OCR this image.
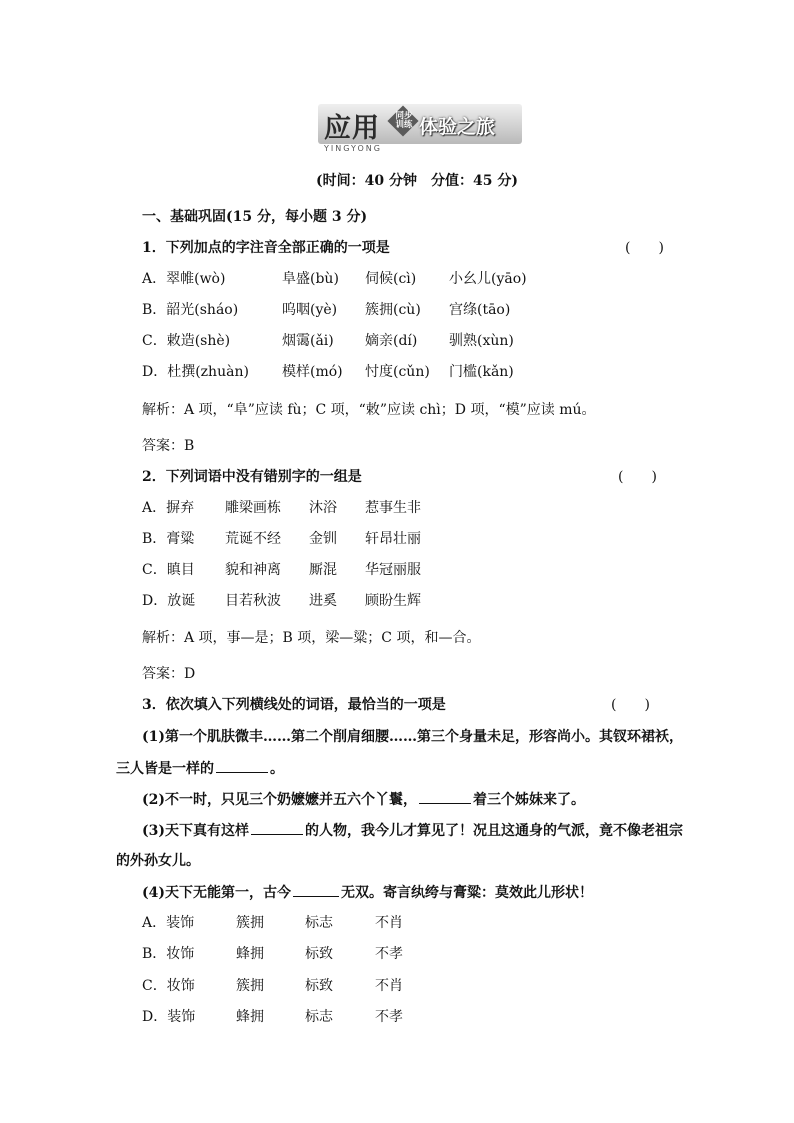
应用 同步
训练 体验之旅
YINGYONG
(时间：40 分钟　分值：45 分)
一、基础巩固(15 分，每小题 3 分)
1．下列加点的字注音全部正确的一项是	(　　)
A．翠帷(wò)	阜盛(bù) 伺候(cì) 小幺儿(yāo)
B．韶光(sháo)	呜咽(yè) 簇拥(cù) 宫绦(tāo)
C．敕造(shè)	烟霭(ǎi) 嫡亲(dí) 驯熟(xùn)
D．杜撰(zhuàn) 模样(mó) 忖度(cǔn) 门槛(kǎn)
解析：A 项，“阜”应读 fù；C 项，“敕”应读 chì；D 项，“模”应读 mú。
答案：B
2．下列词语中没有错别字的一组是	(　　)
A．摒弃 雕梁画栋 沐浴 惹事生非
B．膏粱 荒诞不经 金钏 轩昂壮丽
C．瞋目 貌和神离 厮混 华冠丽服
D．放诞 目若秋波 进奚 顾盼生辉
解析：A 项，事—是；B 项，梁—粱；C 项，和—合。
答案：D
3．依次填入下列横线处的词语，最恰当的一项是	(　　)
(1)第一个肌肤微丰……第二个削肩细腰……第三个身量未足，形容尚小。其钗环裙袄，
三人皆是一样的	。
(2)不一时，只见三个奶嬷嬷并五六个丫鬟，	着三个姊妹来了。
(3)天下真有这样	的人物，我今儿才算见了！况且这通身的气派，竟不像老祖宗
的外孙女儿。
(4)天下无能第一，古今	无双。寄言纨绔与膏粱：莫效此儿形状！
A．装饰	簇拥	标志	不肖
B．妆饰	蜂拥	标致	不孝
C．妆饰	簇拥	标致	不肖
D．装饰	蜂拥	标志	不孝
